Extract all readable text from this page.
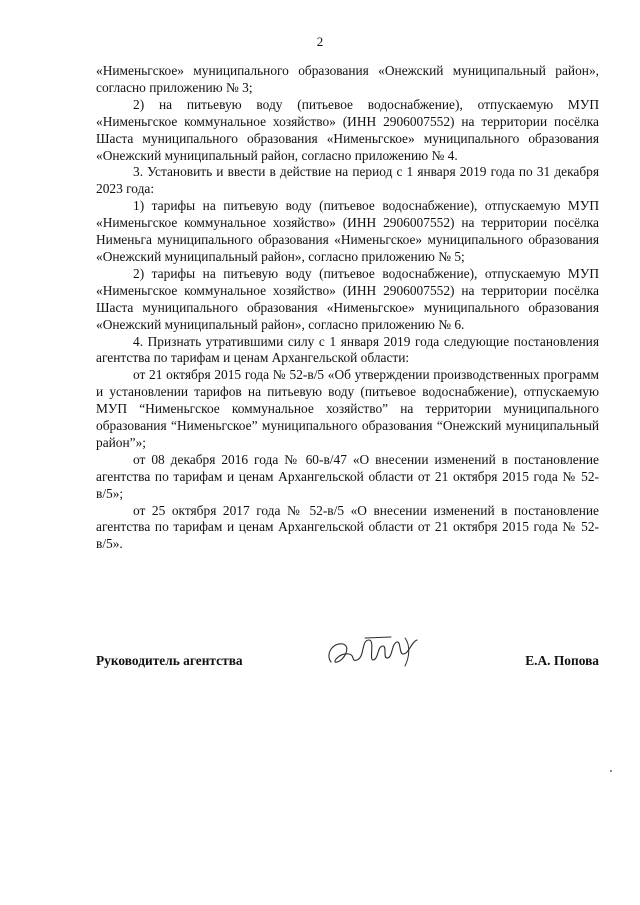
2

«Нименьгское» муниципального образования «Онежский муниципальный район», согласно приложению № 3;

2) на питьевую воду (питьевое водоснабжение), отпускаемую МУП «Нименьгское коммунальное хозяйство» (ИНН 2906007552) на территории посёлка Шаста муниципального образования «Нименьгское» муниципального образования «Онежский муниципальный район, согласно приложению № 4.

3. Установить и ввести в действие на период с 1 января 2019 года по 31 декабря 2023 года:

1) тарифы на питьевую воду (питьевое водоснабжение), отпускаемую МУП «Нименьгское коммунальное хозяйство» (ИНН 2906007552) на территории посёлка Нименьга муниципального образования «Нименьгское» муниципального образования «Онежский муниципальный район», согласно приложению № 5;

2) тарифы на питьевую воду (питьевое водоснабжение), отпускаемую МУП «Нименьгское коммунальное хозяйство» (ИНН 2906007552) на территории посёлка Шаста муниципального образования «Нименьгское» муниципального образования «Онежский муниципальный район», согласно приложению № 6.

4. Признать утратившими силу с 1 января 2019 года следующие постановления агентства по тарифам и ценам Архангельской области:

от 21 октября 2015 года № 52-в/5 «Об утверждении производственных программ и установлении тарифов на питьевую воду (питьевое водоснабжение), отпускаемую МУП “Нименьгское коммунальное хозяйство” на территории муниципального образования “Нименьгское” муниципального образования “Онежский муниципальный район”»;

от 08 декабря 2016 года № 60-в/47 «О внесении изменений в постановление агентства по тарифам и ценам Архангельской области от 21 октября 2015 года № 52-в/5»;

от 25 октября 2017 года № 52-в/5 «О внесении изменений в постановление агентства по тарифам и ценам Архангельской области от 21 октября 2015 года № 52-в/5».

Руководитель агентства	Е.А. Попова
